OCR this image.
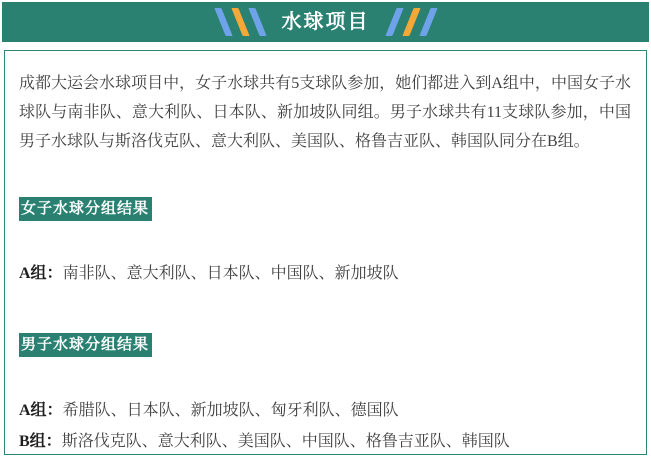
水球项目

成都大运会水球项目中，女子水球共有5支球队参加，她们都进入到A组中，中国女子水球队与南非队、意大利队、日本队、新加坡队同组。男子水球共有11支球队参加，中国男子水球队与斯洛伐克队、意大利队、美国队、格鲁吉亚队、韩国队同分在B组。

女子水球分组结果

A组：南非队、意大利队、日本队、中国队、新加坡队

男子水球分组结果

A组：希腊队、日本队、新加坡队、匈牙利队、德国队

B组：斯洛伐克队、意大利队、美国队、中国队、格鲁吉亚队、韩国队
